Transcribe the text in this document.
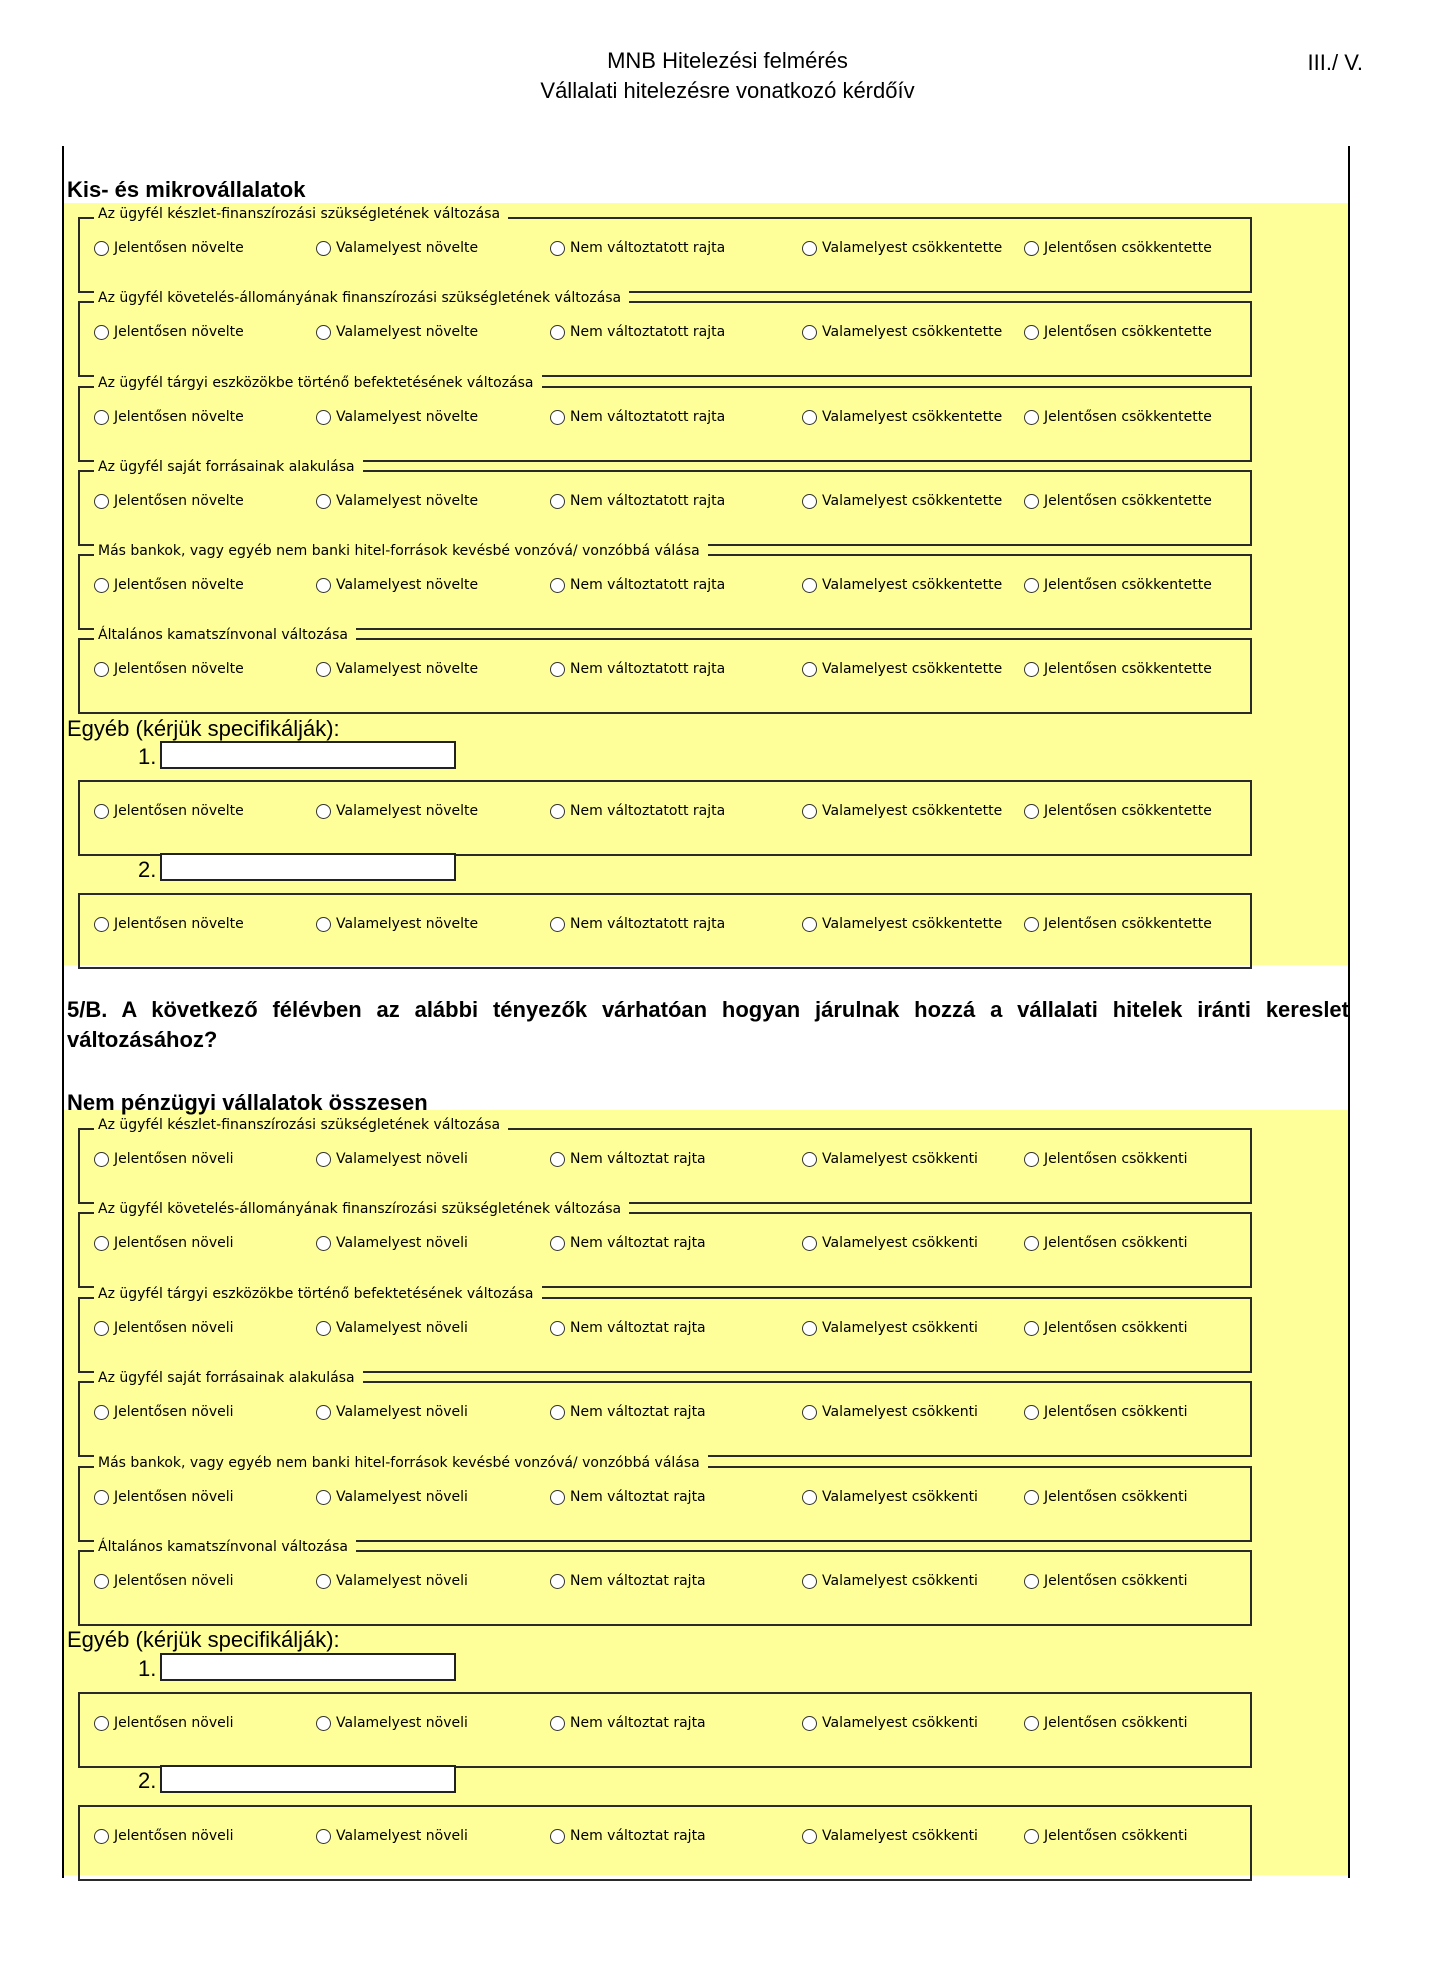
MNB Hitelezési felmérés
Vállalati hitelezésre vonatkozó kérdőív
III./ V.
Kis- és mikrovállalatok
Az ügyfél készlet-finanszírozási szükségletének változása
Jelentősen növelte	Valamelyest növelte	Nem változtatott rajta	Valamelyest csökkentette	Jelentősen csökkentette
Az ügyfél követelés-állományának finanszírozási szükségletének változása
Jelentősen növelte	Valamelyest növelte	Nem változtatott rajta	Valamelyest csökkentette	Jelentősen csökkentette
Az ügyfél tárgyi eszközökbe történő befektetésének változása
Jelentősen növelte	Valamelyest növelte	Nem változtatott rajta	Valamelyest csökkentette	Jelentősen csökkentette
Az ügyfél saját forrásainak alakulása
Jelentősen növelte	Valamelyest növelte	Nem változtatott rajta	Valamelyest csökkentette	Jelentősen csökkentette
Más bankok, vagy egyéb nem banki hitel-források kevésbé vonzóvá/ vonzóbbá válása
Jelentősen növelte	Valamelyest növelte	Nem változtatott rajta	Valamelyest csökkentette	Jelentősen csökkentette
Általános kamatszínvonal változása
Jelentősen növelte	Valamelyest növelte	Nem változtatott rajta	Valamelyest csökkentette	Jelentősen csökkentette
Jelentősen növelte	Valamelyest növelte	Nem változtatott rajta	Valamelyest csökkentette	Jelentősen csökkentette
Jelentősen növelte	Valamelyest növelte	Nem változtatott rajta	Valamelyest csökkentette	Jelentősen csökkentette
Egyéb (kérjük specifikálják):
1.
2.
5/B. A következő félévben az alábbi tényezők várhatóan hogyan járulnak hozzá a vállalati hitelek iránti kereslet változásához?
Nem pénzügyi vállalatok összesen
Az ügyfél készlet-finanszírozási szükségletének változása
Jelentősen növeli	Valamelyest növeli	Nem változtat rajta	Valamelyest csökkenti	Jelentősen csökkenti
Az ügyfél követelés-állományának finanszírozási szükségletének változása
Jelentősen növeli	Valamelyest növeli	Nem változtat rajta	Valamelyest csökkenti	Jelentősen csökkenti
Az ügyfél tárgyi eszközökbe történő befektetésének változása
Jelentősen növeli	Valamelyest növeli	Nem változtat rajta	Valamelyest csökkenti	Jelentősen csökkenti
Az ügyfél saját forrásainak alakulása
Jelentősen növeli	Valamelyest növeli	Nem változtat rajta	Valamelyest csökkenti	Jelentősen csökkenti
Más bankok, vagy egyéb nem banki hitel-források kevésbé vonzóvá/ vonzóbbá válása
Jelentősen növeli	Valamelyest növeli	Nem változtat rajta	Valamelyest csökkenti	Jelentősen csökkenti
Általános kamatszínvonal változása
Jelentősen növeli	Valamelyest növeli	Nem változtat rajta	Valamelyest csökkenti	Jelentősen csökkenti
Jelentősen növeli	Valamelyest növeli	Nem változtat rajta	Valamelyest csökkenti	Jelentősen csökkenti
Jelentősen növeli	Valamelyest növeli	Nem változtat rajta	Valamelyest csökkenti	Jelentősen csökkenti
Egyéb (kérjük specifikálják):
1.
2.
